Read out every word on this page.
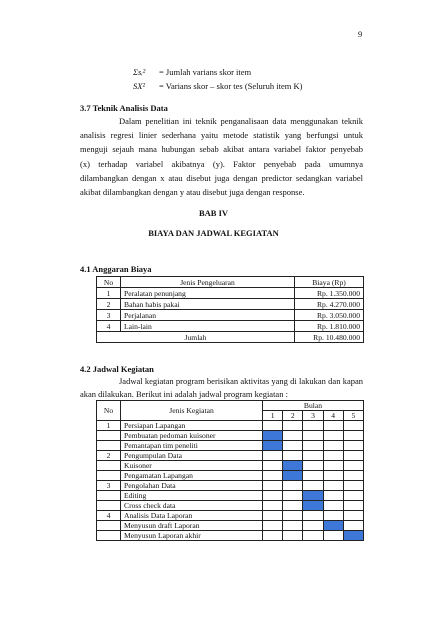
9
Σsᵢ² = Jumlah varians skor item
SX² = Varians skor – skor tes (Seluruh item K)
3.7 Teknik Analisis Data
Dalam penelitian ini teknik penganalisaan data menggunakan teknik
analisis regresi linier sederhana yaitu metode statistik yang berfungsi untuk
menguji sejauh mana hubungan sebab akibat antara variabel faktor penyebab
(x) terhadap variabel akibatnya (y). Faktor penyebab pada umumnya
dilambangkan dengan x atau disebut juga dengan predictor sedangkan variabel
akibat dilambangkan dengan y atau disebut juga dengan response.
BAB IV
BIAYA DAN JADWAL KEGIATAN
4.1 Anggaran Biaya
No	Jenis Pengeluaran	Biaya (Rp)
1	Peralatan penunjang	Rp. 1.350.000
2	Bahan habis pakai	Rp. 4.270.000
3	Perjalanan	Rp. 3.050.000
4	Lain-lain	Rp. 1.810.000
Jumlah		Rp. 10.480.000
4.2 Jadwal Kegiatan
Jadwal kegiatan program berisikan aktivitas yang di lakukan dan kapan
akan dilakukan. Berikut ini adalah jadwal program kegiatan :
No	Jenis Kegiatan	Bulan				
		1	2	3	4	5
1	Persiapan Lapangan					
	Pembuatan pedoman kuisoner					
	Pemantapan tim peneliti					
2	Pengumpulan Data					
	Kuisoner					
	Pengamatan Lapangan					
3	Pengolahan Data					
	Editing					
	Cross check data					
4	Analisis Data Laporan					
	Menyusun draft Laporan					
	Menyusun Laporan akhir					
